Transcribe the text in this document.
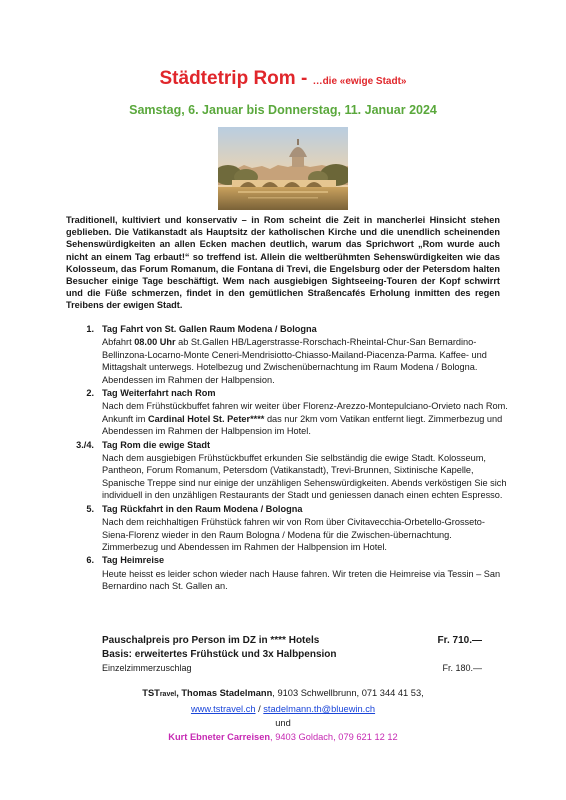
Städtetrip Rom - …die «ewige Stadt»
Samstag, 6. Januar bis Donnerstag, 11. Januar 2024
Traditionell, kultiviert und konservativ – in Rom scheint die Zeit in mancherlei Hinsicht stehen geblieben. Die Vatikanstadt als Hauptsitz der katholischen Kirche und die unendlich scheinenden Sehenswürdigkeiten an allen Ecken machen deutlich, warum das Sprichwort „Rom wurde auch nicht an einem Tag erbaut!“ so treffend ist. Allein die weltberühmten Sehenswürdigkeiten wie das Kolosseum, das Forum Romanum, die Fontana di Trevi, die Engelsburg oder der Petersdom halten Besucher einige Tage beschäftigt. Wem nach ausgiebigen Sightseeing-Touren der Kopf schwirrt und die Füße schmerzen, findet in den gemütlichen Straßencafés Erholung inmitten des regen Treibens der ewigen Stadt.
1. Tag Fahrt von St. Gallen Raum Modena / Bologna
Abfahrt 08.00 Uhr ab St.Gallen HB/Lagerstrasse-Rorschach-Rheintal-Chur-San Bernardino-Bellinzona-Locarno-Monte Ceneri-Mendrisiotto-Chiasso-Mailand-Piacenza-Parma. Kaffee- und Mittagshalt unterwegs. Hotelbezug und Zwischenübernachtung im Raum Modena / Bologna. Abendessen im Rahmen der Halbpension.
2. Tag Weiterfahrt nach Rom
Nach dem Frühstückbuffet fahren wir weiter über Florenz-Arezzo-Montepulciano-Orvieto nach Rom. Ankunft im Cardinal Hotel St. Peter**** das nur 2km vom Vatikan entfernt liegt. Zimmerbezug und Abendessen im Rahmen der Halbpension im Hotel.
3./4. Tag Rom die ewige Stadt
Nach dem ausgiebigen Frühstückbuffet erkunden Sie selbständig die ewige Stadt. Kolosseum, Pantheon, Forum Romanum, Petersdom (Vatikanstadt), Trevi-Brunnen, Sixtinische Kapelle, Spanische Treppe sind nur einige der unzähligen Sehenswürdigkeiten. Abends verköstigen Sie sich individuell in den unzähligen Restaurants der Stadt und geniessen danach einen echten Espresso.
5. Tag Rückfahrt in den Raum Modena / Bologna
Nach dem reichhaltigen Frühstück fahren wir von Rom über Civitavecchia-Orbetello-Grosseto-Siena-Florenz wieder in den Raum Bologna / Modena für die Zwischen-übernachtung. Zimmerbezug und Abendessen im Rahmen der Halbpension im Hotel.
6. Tag Heimreise
Heute heisst es leider schon wieder nach Hause fahren. Wir treten die Heimreise via Tessin – San Bernardino nach St. Gallen an.
Pauschalpreis pro Person im DZ in **** Hotels	Fr. 710.—
Basis: erweitertes Frühstück und 3x Halbpension
Einzelzimmerzuschlag	Fr. 180.—
TSTravel, Thomas Stadelmann, 9103 Schwellbrunn, 071 344 41 53,
www.tstravel.ch / stadelmann.th@bluewin.ch
und
Kurt Ebneter Carreisen, 9403 Goldach, 079 621 12 12
